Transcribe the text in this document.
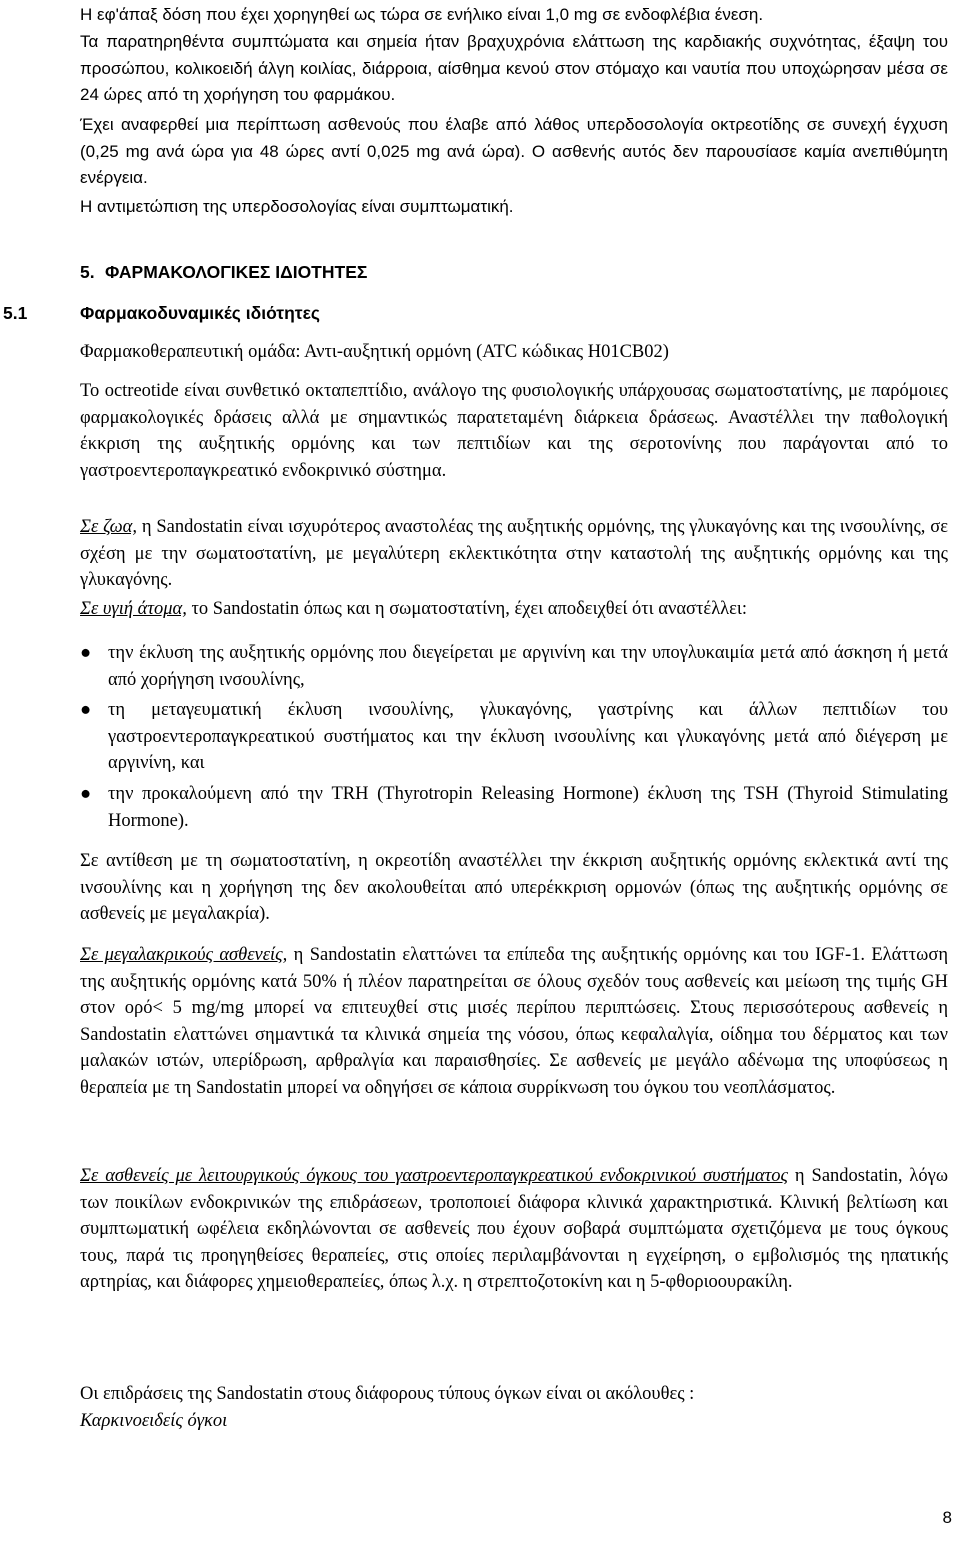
Η εφ'άπαξ δόση που έχει χορηγηθεί ως τώρα σε ενήλικο είναι 1,0 mg σε ενδοφλέβια ένεση.

Τα παρατηρηθέντα συμπτώματα και σημεία ήταν βραχυχρόνια ελάττωση της καρδιακής συχνότητας, έξαψη του προσώπου, κολικοειδή άλγη κοιλίας, διάρροια, αίσθημα κενού στον στόμαχο και ναυτία που υποχώρησαν μέσα σε 24 ώρες από τη χορήγηση του φαρμάκου.

Έχει αναφερθεί μια περίπτωση ασθενούς που έλαβε από λάθος υπερδοσολογία οκτρεοτίδης σε συνεχή έγχυση (0,25 mg ανά ώρα για 48 ώρες αντί 0,025 mg ανά ώρα). Ο ασθενής αυτός δεν παρουσίασε καμία ανεπιθύμητη ενέργεια.

Η αντιμετώπιση της υπερδοσολογίας είναι συμπτωματική.

5. ΦΑΡΜΑΚΟΛΟΓΙΚΕΣ ΙΔΙΟΤΗΤΕΣ
5.1	Φαρμακοδυναμικές ιδιότητες

Φαρμακοθεραπευτική ομάδα: Αντι-αυξητική ορμόνη (ATC κώδικας H01CB02)

Το octreotide είναι συνθετικό οκταπεπτίδιο, ανάλογο της φυσιολογικής υπάρχουσας σωματοστατίνης, με παρόμοιες φαρμακολογικές δράσεις αλλά με σημαντικώς παρατεταμένη διάρκεια δράσεως. Αναστέλλει την παθολογική έκκριση της αυξητικής ορμόνης και των πεπτιδίων και της σεροτονίνης που παράγονται από το γαστροεντεροπαγκρεατικό ενδοκρινικό σύστημα.

Σε ζωα, η Sandostatin είναι ισχυρότερος αναστολέας της αυξητικής ορμόνης, της γλυκαγόνης και της ινσουλίνης, σε σχέση με την σωματοστατίνη, με μεγαλύτερη εκλεκτικότητα στην καταστολή της αυξητικής ορμόνης και της γλυκαγόνης.

Σε υγιή άτομα, το Sandostatin όπως και η σωματοστατίνη, έχει αποδειχθεί ότι αναστέλλει:

● την έκλυση της αυξητικής ορμόνης που διεγείρεται με αργινίνη και την υπογλυκαιμία μετά από άσκηση ή μετά από χορήγηση ινσουλίνης,
● τη μεταγευματική έκλυση ινσουλίνης, γλυκαγόνης, γαστρίνης και άλλων πεπτιδίων του γαστροεντεροπαγκρεατικού συστήματος και την έκλυση ινσουλίνης και γλυκαγόνης μετά από διέγερση με αργινίνη, και
● την προκαλούμενη από την TRH (Thyrotropin Releasing Hormone) έκλυση της TSH (Thyroid Stimulating Hormone).

Σε αντίθεση με τη σωματοστατίνη, η οκρεοτίδη αναστέλλει την έκκριση αυξητικής ορμόνης εκλεκτικά αντί της ινσουλίνης και η χορήγηση της δεν ακολουθείται από υπερέκκριση ορμονών (όπως της αυξητικής ορμόνης σε ασθενείς με μεγαλακρία).

Σε μεγαλακρικούς ασθενείς, η Sandostatin ελαττώνει τα επίπεδα της αυξητικής ορμόνης και του IGF-1. Ελάττωση της αυξητικής ορμόνης κατά 50% ή πλέον παρατηρείται σε όλους σχεδόν τους ασθενείς και μείωση της τιμής GH στον ορό< 5 mg/mg μπορεί να επιτευχθεί στις μισές περίπου περιπτώσεις. Στους περισσότερους ασθενείς η Sandostatin ελαττώνει σημαντικά τα κλινικά σημεία της νόσου, όπως κεφαλαλγία, οίδημα του δέρματος και των μαλακών ιστών, υπερίδρωση, αρθραλγία και παραισθησίες. Σε ασθενείς με μεγάλο αδένωμα της υποφύσεως η θεραπεία με τη Sandostatin μπορεί να οδηγήσει σε κάποια συρρίκνωση του όγκου του νεοπλάσματος.

Σε ασθενείς με λειτουργικούς όγκους του γαστροεντεροπαγκρεατικού ενδοκρινικού συστήματος η Sandostatin, λόγω των ποικίλων ενδοκρινικών της επιδράσεων, τροποποιεί διάφορα κλινικά χαρακτηριστικά. Κλινική βελτίωση και συμπτωματική ωφέλεια εκδηλώνονται σε ασθενείς που έχουν σοβαρά συμπτώματα σχετιζόμενα με τους όγκους τους, παρά τις προηγηθείσες θεραπείες, στις οποίες περιλαμβάνονται η εγχείρηση, ο εμβολισμός της ηπατικής αρτηρίας, και διάφορες χημειοθεραπείες, όπως λ.χ. η στρεπτοζοτοκίνη και η 5-φθοριοουρακίλη.

Οι επιδράσεις της Sandostatin στους διάφορους τύπους όγκων είναι οι ακόλουθες :

Καρκινοειδείς όγκοι

8
